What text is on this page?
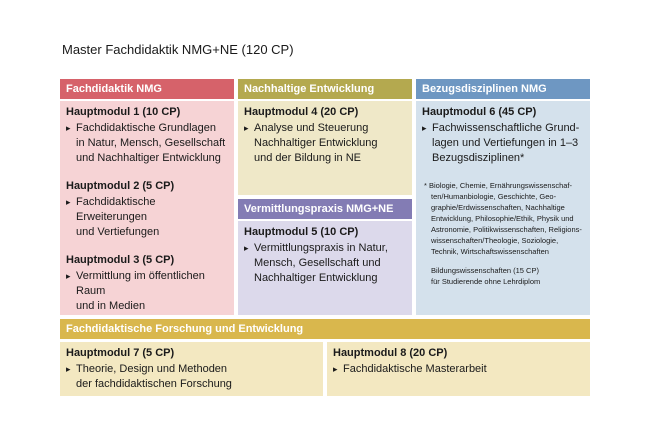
Master Fachdidaktik NMG+NE (120 CP)
Fachdidaktik NMG
Hauptmodul 1 (10 CP)
▸ Fachdidaktische Grundlagen
in Natur, Mensch, Gesellschaft
und Nachhaltiger Entwicklung
Hauptmodul 2 (5 CP)
▸ Fachdidaktische Erweiterungen
und Vertiefungen
Hauptmodul 3 (5 CP)
▸ Vermittlung im öffentlichen Raum
und in Medien
Nachhaltige Entwicklung
Hauptmodul 4 (20 CP)
▸ Analyse und Steuerung
Nachhaltiger Entwicklung
und der Bildung in NE
Vermittlungspraxis NMG+NE
Hauptmodul 5 (10 CP)
▸ Vermittlungspraxis in Natur,
Mensch, Gesellschaft und
Nachhaltiger Entwicklung
Bezugsdisziplinen NMG
Hauptmodul 6 (45 CP)
▸ Fachwissenschaftliche Grund-
lagen und Vertiefungen in 1–3
Bezugsdisziplinen*

* Biologie, Chemie, Ernährungswissenschaf-

ten/Humanbiologie, Geschichte, Geo-

graphie/Erdwissenschaften, Nachhaltige

Entwicklung, Philosophie/Ethik, Physik und

Astronomie, Politikwissenschaften, Religions-

wissenschaften/Theologie, Soziologie,

Technik, Wirtschaftswissenschaften

Bildungswissenschaften (15 CP)

für Studierende ohne Lehrdiplom

Fachdidaktische Forschung und Entwicklung
Hauptmodul 7 (5 CP)
▸ Theorie, Design und Methoden
der fachdidaktischen Forschung
Hauptmodul 8 (20 CP)
▸ Fachdidaktische Masterarbeit
